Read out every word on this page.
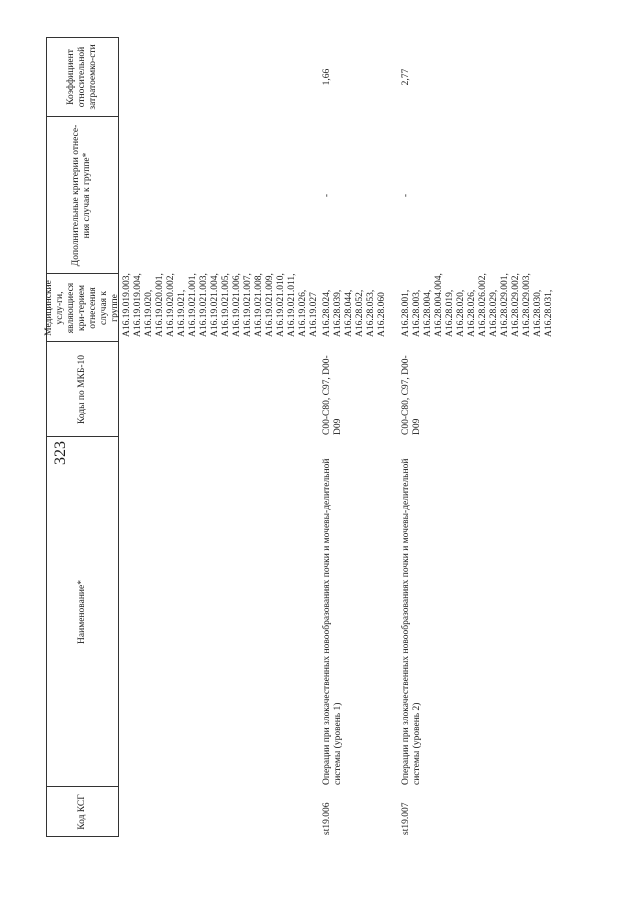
323
Код КСГ
Наименование*
Коды по МКБ-10
Медицинские услу-ги, являющиеся кри-терием отнесения случая к группе
Дополнительные критерии отнесе-ния случая к группе*
Коэффициент относительной затратоемко-сти
A16.19.019.003, A16.19.019.004, A16.19.020, A16.19.020.001, A16.19.020.002, A16.19.021, A16.19.021.001, A16.19.021.003, A16.19.021.004, A16.19.021.005, A16.19.021.006, A16.19.021.007, A16.19.021.008, A16.19.021.009, A16.19.021.010, A16.19.021.011, A16.19.026, A16.19.027
st19.006
Операции при злокачественных новообразованиях почки и мочевы-делительной системы (уровень 1)
C00-C80, C97, D00-D09
A16.28.024, A16.28.039, A16.28.044, A16.28.052, A16.28.053, A16.28.060
-
1,66
st19.007
Операции при злокачественных новообразованиях почки и мочевы-делительной системы (уровень 2)
C00-C80, C97, D00-D09
A16.28.001, A16.28.003, A16.28.004, A16.28.004.004, A16.28.019, A16.28.020, A16.28.026, A16.28.026.002, A16.28.029, A16.28.029.001, A16.28.029.002, A16.28.029.003, A16.28.030, A16.28.031,
-
2,77
